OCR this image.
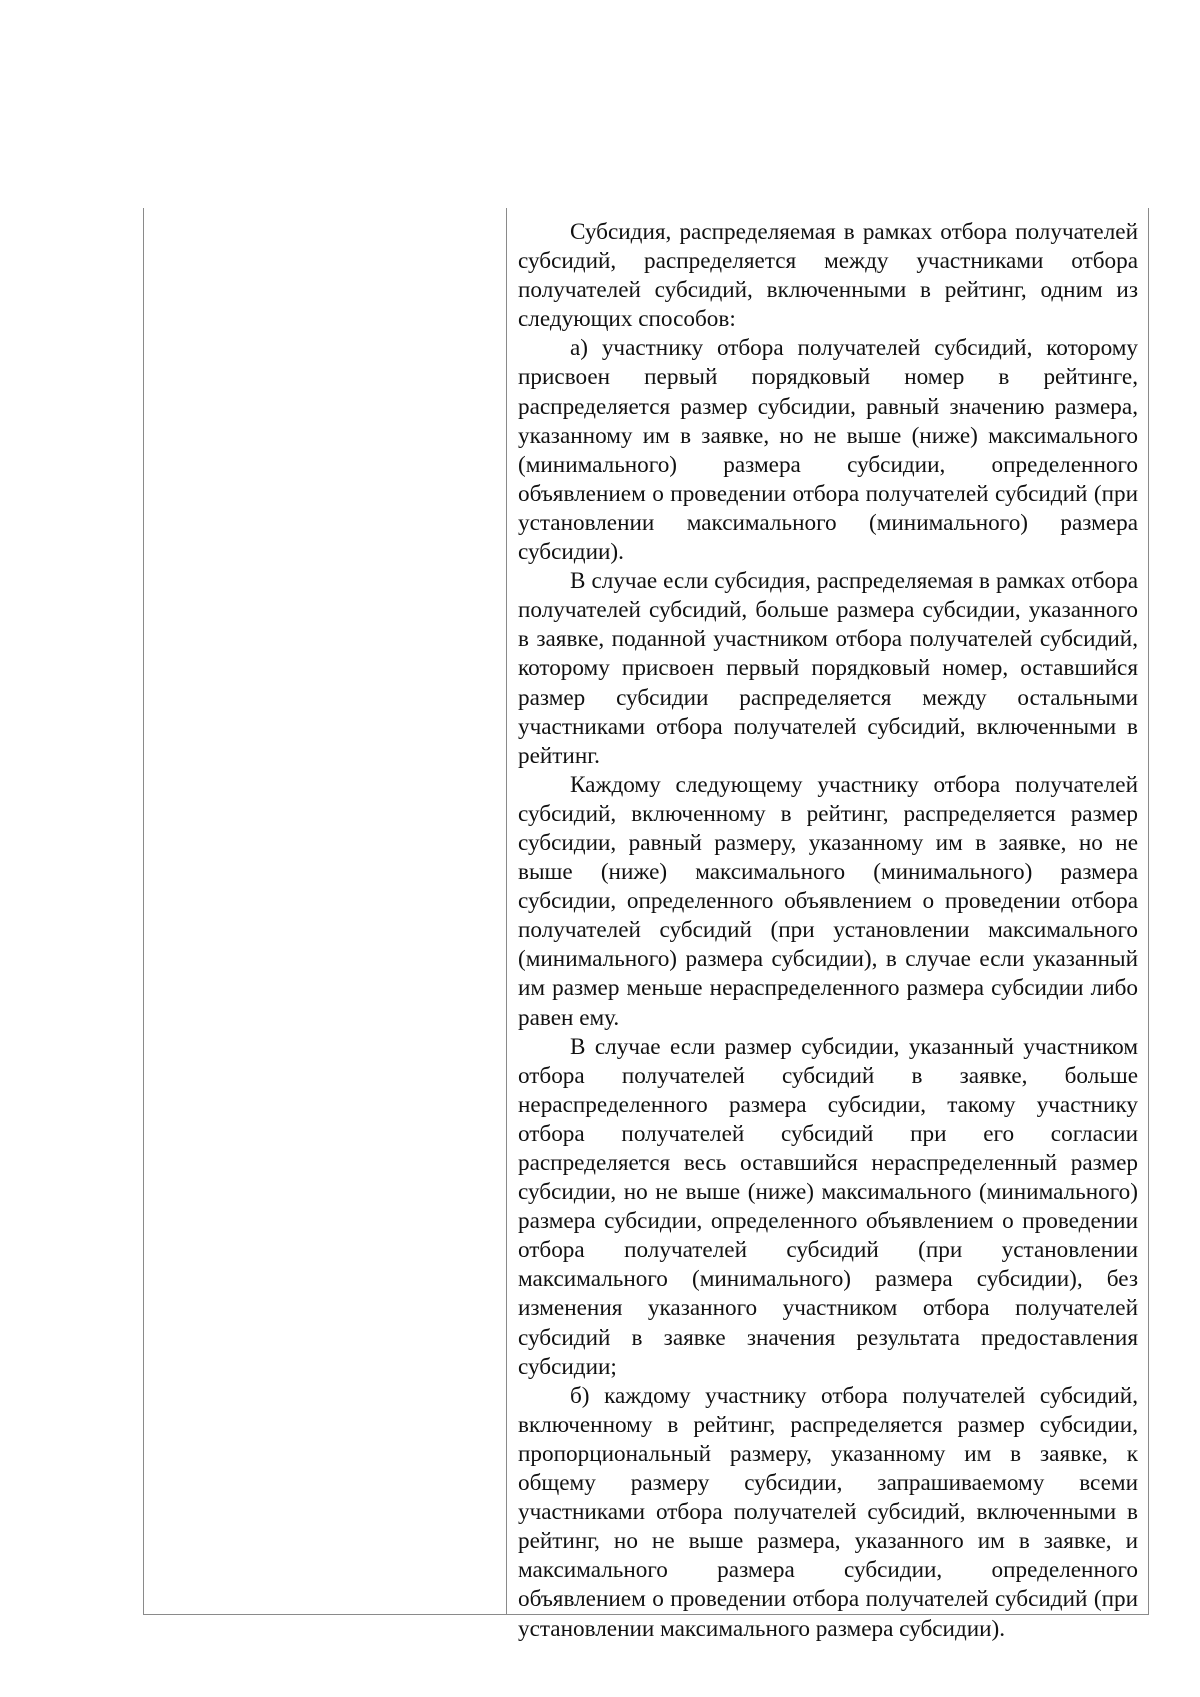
Субсидия, распределяемая в рамках отбора получателей субсидий, распределяется между участниками отбора получателей субсидий, включенными в рейтинг, одним из следующих способов:

а) участнику отбора получателей субсидий, которому присвоен первый порядковый номер в рейтинге, распределяется размер субсидии, равный значению размера, указанному им в заявке, но не выше (ниже) максимального (минимального) размера субсидии, определенного объявлением о проведении отбора получателей субсидий (при установлении максимального (минимального) размера субсидии).

В случае если субсидия, распределяемая в рамках отбора получателей субсидий, больше размера субсидии, указанного в заявке, поданной участником отбора получателей субсидий, которому присвоен первый порядковый номер, оставшийся размер субсидии распределяется между остальными участниками отбора получателей субсидий, включенными в рейтинг.

Каждому следующему участнику отбора получателей субсидий, включенному в рейтинг, распределяется размер субсидии, равный размеру, указанному им в заявке, но не выше (ниже) максимального (минимального) размера субсидии, определенного объявлением о проведении отбора получателей субсидий (при установлении максимального (минимального) размера субсидии), в случае если указанный им размер меньше нераспределенного размера субсидии либо равен ему.

В случае если размер субсидии, указанный участником отбора получателей субсидий в заявке, больше нераспределенного размера субсидии, такому участнику отбора получателей субсидий при его согласии распределяется весь оставшийся нераспределенный размер субсидии, но не выше (ниже) максимального (минимального) размера субсидии, определенного объявлением о проведении отбора получателей субсидий (при установлении максимального (минимального) размера субсидии), без изменения указанного участником отбора получателей субсидий в заявке значения результата предоставления субсидии;

б) каждому участнику отбора получателей субсидий, включенному в рейтинг, распределяется размер субсидии, пропорциональный размеру, указанному им в заявке, к общему размеру субсидии, запрашиваемому всеми участниками отбора получателей субсидий, включенными в рейтинг, но не выше размера, указанного им в заявке, и максимального размера субсидии, определенного объявлением о проведении отбора получателей субсидий (при установлении максимального размера субсидии).
